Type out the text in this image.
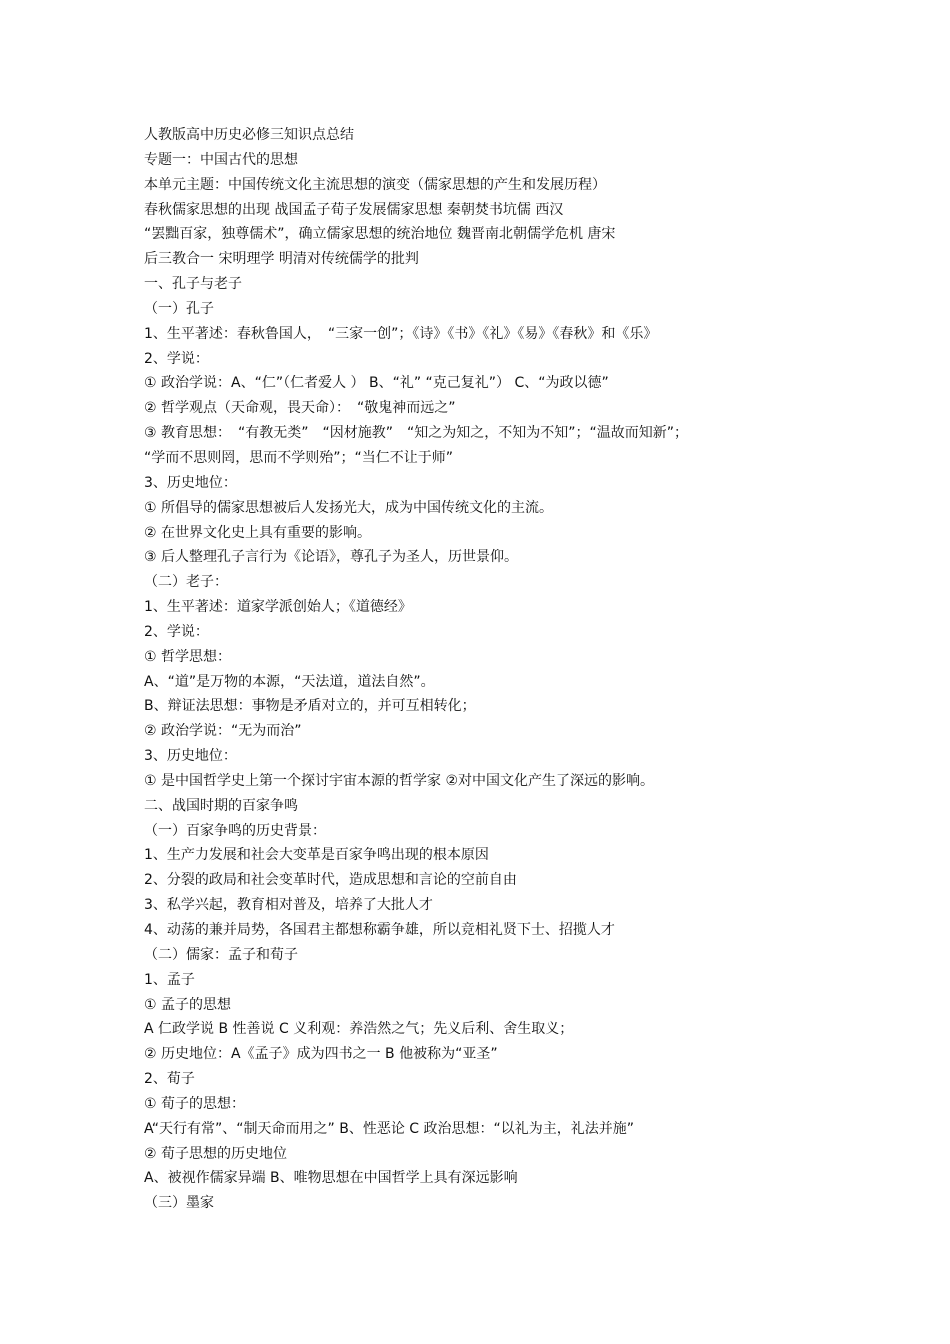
人教版高中历史必修三知识点总结

专题一：中国古代的思想

本单元主题：中国传统文化主流思想的演变（儒家思想的产生和发展历程）

春秋儒家思想的出现 战国孟子荀子发展儒家思想 秦朝焚书坑儒 西汉

“罢黜百家，独尊儒术”，确立儒家思想的统治地位 魏晋南北朝儒学危机 唐宋

后三教合一 宋明理学 明清对传统儒学的批判

一、孔子与老子

（一）孔子

1、生平著述：春秋鲁国人，　“三家一创”；《诗》《书》《礼》《易》《春秋》和《乐》

2、学说：

① 政治学说：A、“仁”（仁者爱人 ） B、“礼” “克己复礼”） C、“为政以德”

② 哲学观点（天命观，畏天命）：　“敬鬼神而远之”

③ 教育思想：　“有教无类”　“因材施教”　“知之为知之，不知为不知”；“温故而知新”；

“学而不思则罔，思而不学则殆”；“当仁不让于师”

3、历史地位：

① 所倡导的儒家思想被后人发扬光大，成为中国传统文化的主流。

② 在世界文化史上具有重要的影响。

③ 后人整理孔子言行为《论语》，尊孔子为圣人，历世景仰。

（二）老子：

1、生平著述：道家学派创始人；《道德经》

2、学说：

① 哲学思想：

A、“道”是万物的本源，“天法道，道法自然”。

B、辩证法思想：事物是矛盾对立的，并可互相转化；

② 政治学说：“无为而治”

3、历史地位：

① 是中国哲学史上第一个探讨宇宙本源的哲学家 ②对中国文化产生了深远的影响。

二、战国时期的百家争鸣

（一）百家争鸣的历史背景：

1、生产力发展和社会大变革是百家争鸣出现的根本原因

2、分裂的政局和社会变革时代，造成思想和言论的空前自由

3、私学兴起，教育相对普及，培养了大批人才

4、动荡的兼并局势，各国君主都想称霸争雄，所以竞相礼贤下士、招揽人才

（二）儒家：孟子和荀子

1、孟子

① 孟子的思想

A 仁政学说 B 性善说 C 义利观：养浩然之气；先义后利、舍生取义；

② 历史地位：A《孟子》成为四书之一 B 他被称为“亚圣”

2、荀子

① 荀子的思想：

A“天行有常”、“制天命而用之” B、性恶论 C 政治思想：“以礼为主，礼法并施”

② 荀子思想的历史地位

A、被视作儒家异端 B、唯物思想在中国哲学上具有深远影响

（三）墨家
